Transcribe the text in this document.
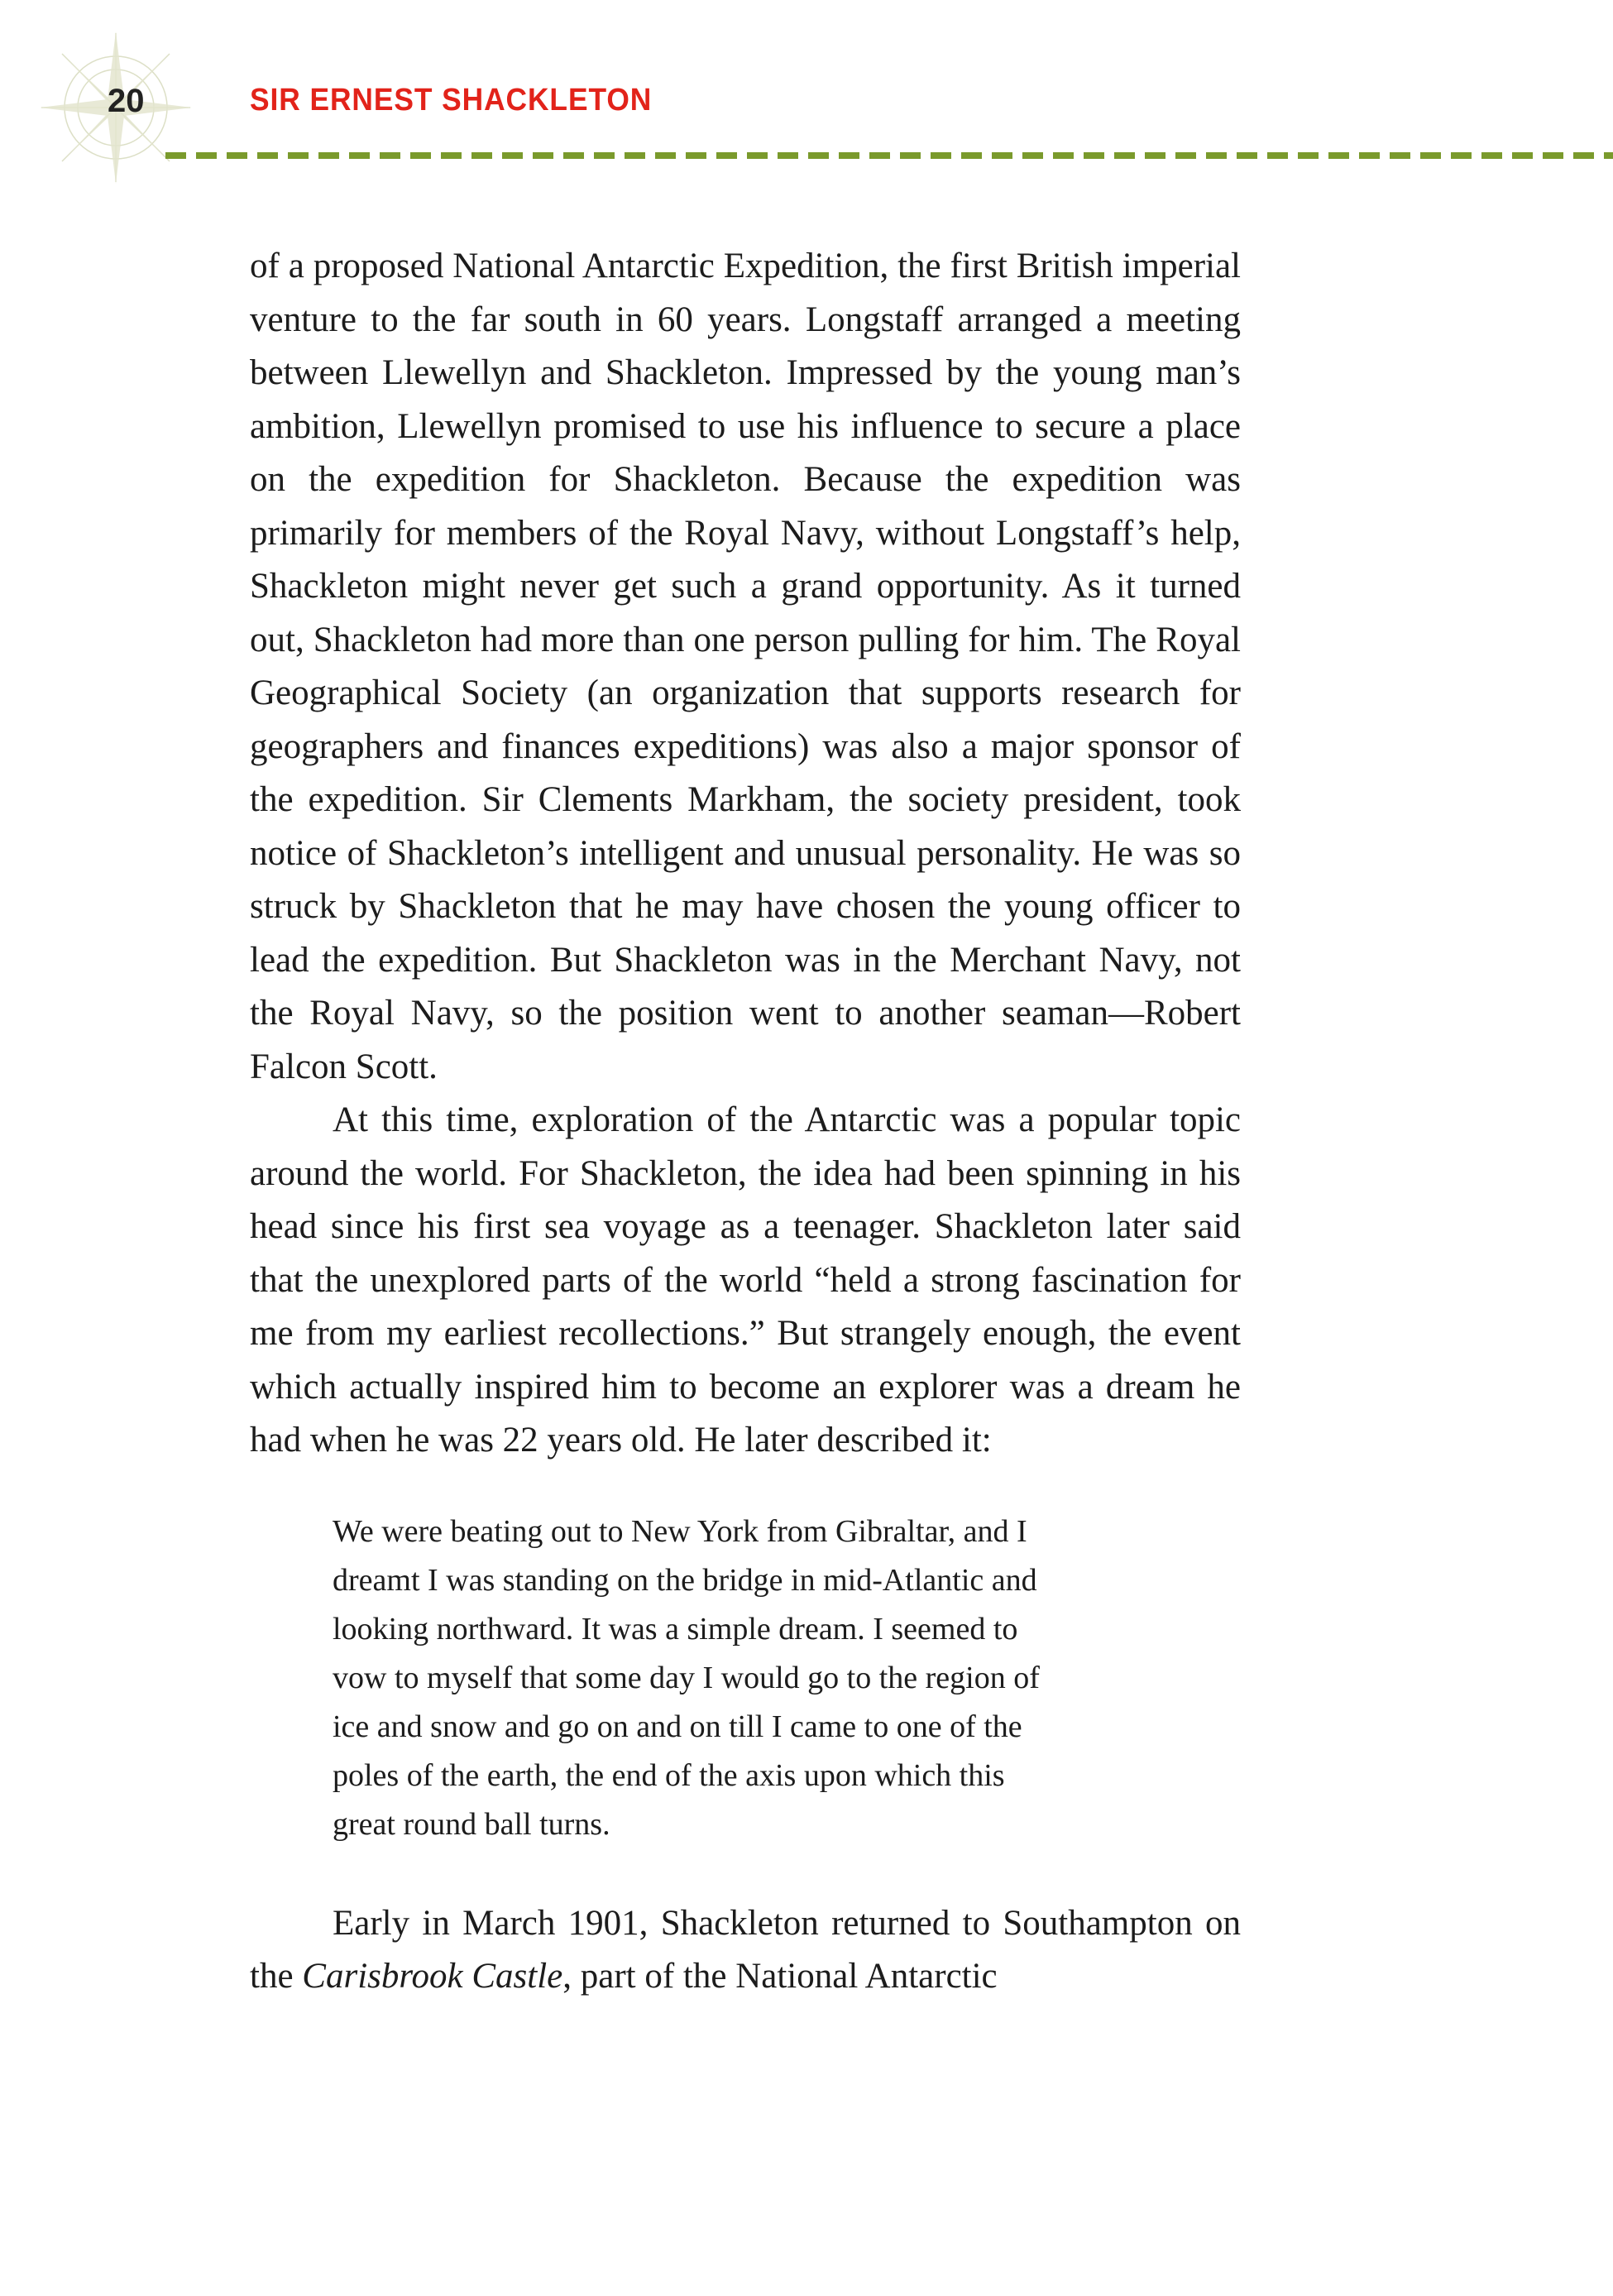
20	SIR ERNEST SHACKLETON

of a proposed National Antarctic Expedition, the first British imperial venture to the far south in 60 years. Longstaff arranged a meeting between Llewellyn and Shackleton. Impressed by the young man’s ambition, Llewellyn promised to use his influence to secure a place on the expedition for Shackleton. Because the expedition was primarily for members of the Royal Navy, without Longstaff’s help, Shackleton might never get such a grand opportunity. As it turned out, Shackleton had more than one person pulling for him. The Royal Geographical Society (an organization that supports research for geographers and finances expeditions) was also a major sponsor of the expedition. Sir Clements Markham, the society president, took notice of Shackleton’s intelligent and unusual personality. He was so struck by Shackleton that he may have chosen the young officer to lead the expedition. But Shackleton was in the Merchant Navy, not the Royal Navy, so the position went to another seaman—Robert Falcon Scott.

At this time, exploration of the Antarctic was a popular topic around the world. For Shackleton, the idea had been spinning in his head since his first sea voyage as a teenager. Shackleton later said that the unexplored parts of the world “held a strong fascination for me from my earliest recollections.” But strangely enough, the event which actually inspired him to become an explorer was a dream he had when he was 22 years old. He later described it:

We were beating out to New York from Gibraltar, and I
dreamt I was standing on the bridge in mid-Atlantic and
looking northward. It was a simple dream. I seemed to
vow to myself that some day I would go to the region of
ice and snow and go on and on till I came to one of the
poles of the earth, the end of the axis upon which this
great round ball turns.

Early in March 1901, Shackleton returned to Southampton on the Carisbrook Castle, part of the National Antarctic
